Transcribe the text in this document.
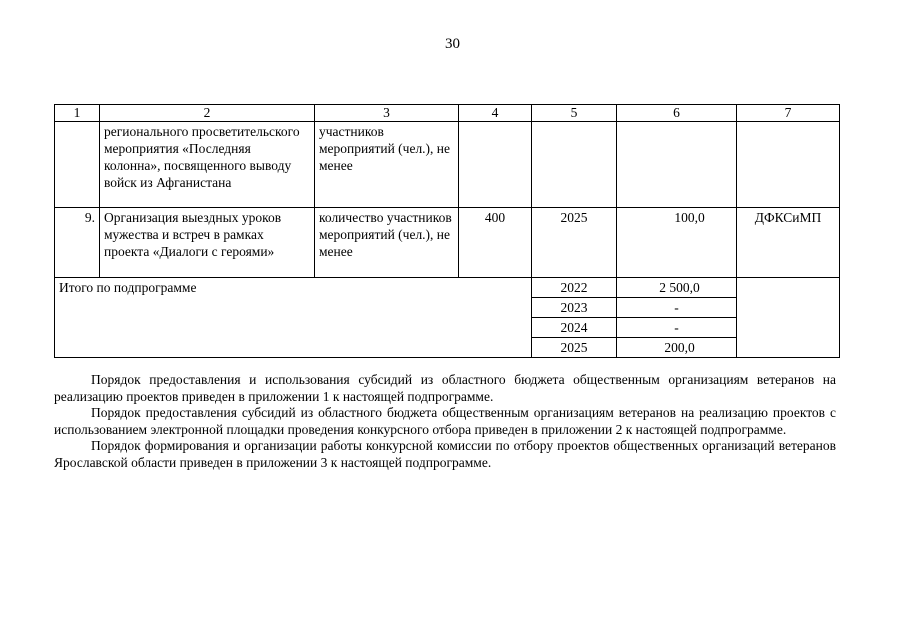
30
1	2	3	4	5	6	7
	регионального просветительского мероприятия «Последняя колонна», посвященного выводу войск из Афганистана	участников мероприятий (чел.), не менее				
9.	Организация выездных уроков мужества и встреч в рамках проекта «Диалоги с героями»	количество участников мероприятий (чел.), не менее	400	2025	100,0	ДФКСиМП
Итого по подпрограмме				2022	2 500,0	
				2023	-	
				2024	-	
				2025	200,0	

Порядок предоставления и использования субсидий из областного бюджета общественным организациям ветеранов на реализацию проектов приведен в приложении 1 к настоящей подпрограмме.

Порядок предоставления субсидий из областного бюджета общественным организациям ветеранов на реализацию проектов с использованием электронной площадки проведения конкурсного отбора приведен в приложении 2 к настоящей подпрограмме.

Порядок формирования и организации работы конкурсной комиссии по отбору проектов общественных организаций ветеранов Ярославской области приведен в приложении 3 к настоящей подпрограмме.
